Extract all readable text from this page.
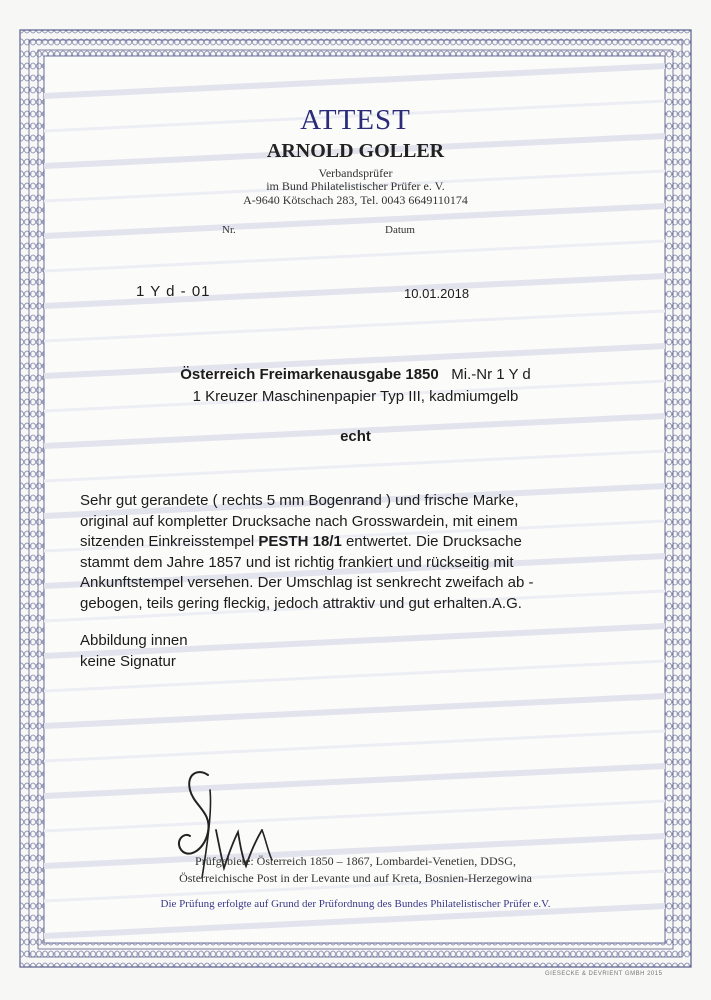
ATTEST
ARNOLD GOLLER
Verbandsprüfer
im Bund Philatelistischer Prüfer e. V.
A-9640 Kötschach 283, Tel. 0043 6649110174
Nr.	Datum
1 Y d - 01	10.01.2018
Österreich Freimarkenausgabe 1850 Mi.-Nr 1 Y d
1 Kreuzer Maschinenpapier Typ III, kadmiumgelb
echt
Sehr gut gerandete ( rechts 5 mm Bogenrand ) und frische Marke,
original auf kompletter Drucksache nach Grosswardein, mit einem
sitzenden Einkreisstempel PESTH 18/1 entwertet. Die Drucksache
stammt dem Jahre 1857 und ist richtig frankiert und rückseitig mit
Ankunftstempel versehen. Der Umschlag ist senkrecht zweifach ab -
gebogen, teils gering fleckig, jedoch attraktiv und gut erhalten.A.G.
Abbildung innen
keine Signatur
Prüfgebiete: Österreich 1850 – 1867, Lombardei-Venetien, DDSG,
Österreichische Post in der Levante und auf Kreta, Bosnien-Herzegowina
Die Prüfung erfolgte auf Grund der Prüfordnung des Bundes Philatelistischer Prüfer e.V.
GIESECKE & DEVRIENT GMBH 2015
